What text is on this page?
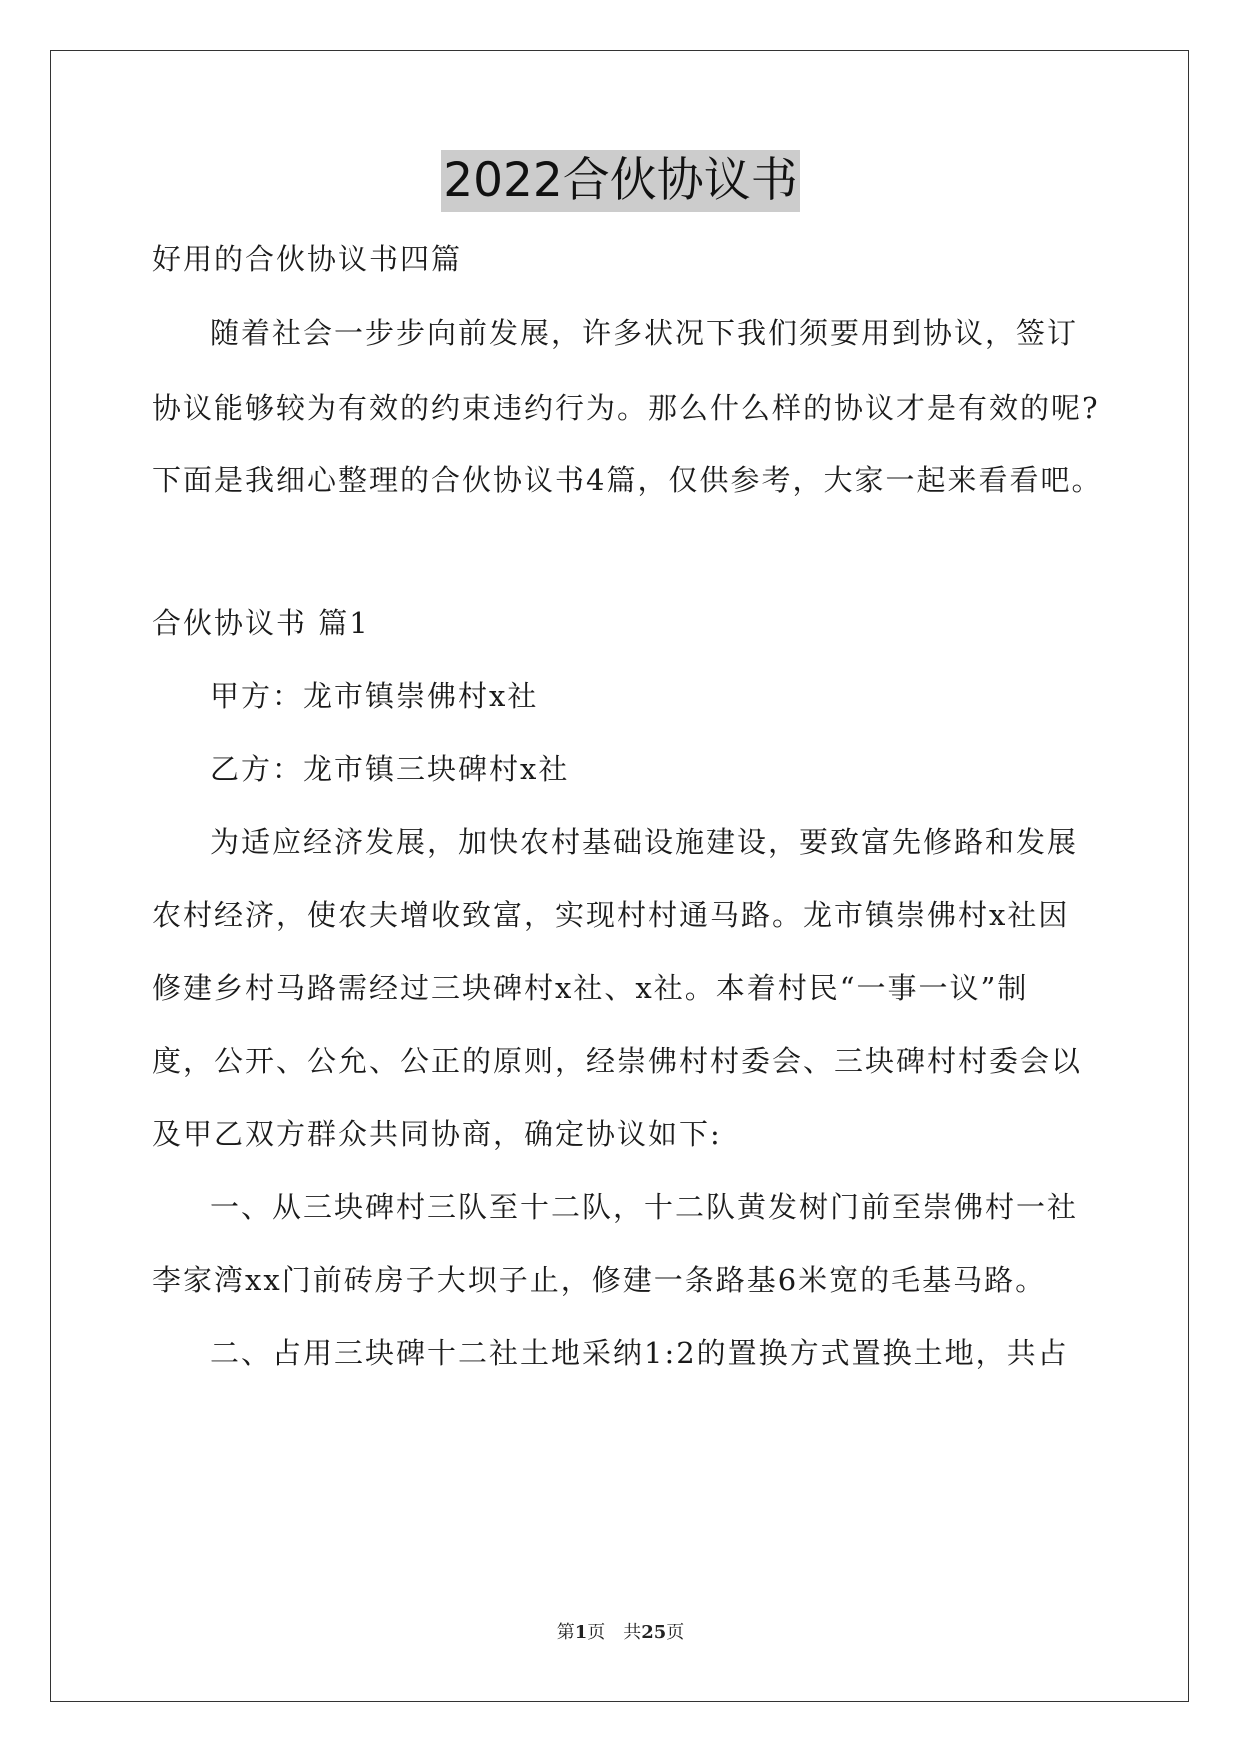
2022合伙协议书
好用的合伙协议书四篇
随着社会一步步向前发展，许多状况下我们须要用到协议，签订
协议能够较为有效的约束违约行为。那么什么样的协议才是有效的呢?
下面是我细心整理的合伙协议书4篇，仅供参考，大家一起来看看吧。
合伙协议书 篇1
甲方：龙市镇崇佛村x社
乙方：龙市镇三块碑村x社
为适应经济发展，加快农村基础设施建设，要致富先修路和发展
农村经济，使农夫增收致富，实现村村通马路。龙市镇崇佛村x社因
修建乡村马路需经过三块碑村x社、x社。本着村民“一事一议”制
度，公开、公允、公正的原则，经崇佛村村委会、三块碑村村委会以
及甲乙双方群众共同协商，确定协议如下:
一、从三块碑村三队至十二队，十二队黄发树门前至崇佛村一社
李家湾xx门前砖房子大坝子止，修建一条路基6米宽的毛基马路。
二、占用三块碑十二社土地采纳1:2的置换方式置换土地，共占
第1页 共25页
